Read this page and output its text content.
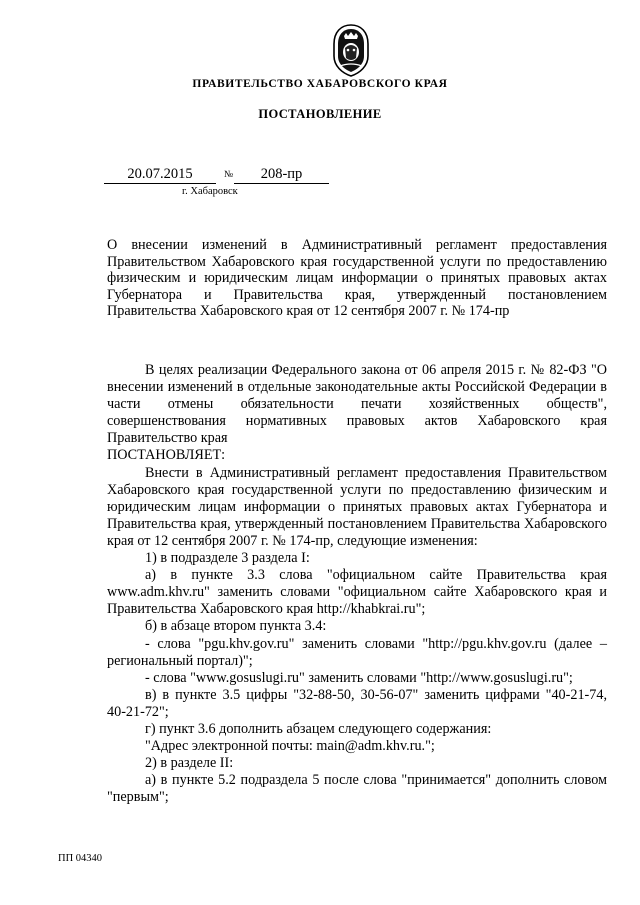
ПРАВИТЕЛЬСТВО ХАБАРОВСКОГО КРАЯ
ПОСТАНОВЛЕНИЕ
20.07.2015	№	208-пр
г. Хабаровск
О внесении изменений в Административный регламент предоставления Правительством Хабаровского края государственной услуги по предоставлению физическим и юридическим лицам информации о принятых правовых актах Губернатора и Правительства края, утвержденный постановлением Правительства Хабаровского края от 12 сентября 2007 г. № 174-пр

В целях реализации Федерального закона от 06 апреля 2015 г. № 82-ФЗ "О внесении изменений в отдельные законодательные акты Российской Федерации в части отмены обязательности печати хозяйственных обществ", совершенствования нормативных правовых актов Хабаровского края Правительство края

ПОСТАНОВЛЯЕТ:

Внести в Административный регламент предоставления Правительством Хабаровского края государственной услуги по предоставлению физическим и юридическим лицам информации о принятых правовых актах Губернатора и Правительства края, утвержденный постановлением Правительства Хабаровского края от 12 сентября 2007 г. № 174-пр, следующие изменения:

1) в подразделе 3 раздела I:

а) в пункте 3.3 слова "официальном сайте Правительства края www.adm.khv.ru" заменить словами "официальном сайте Хабаровского края и Правительства Хабаровского края http://khabkrai.ru";

б) в абзаце втором пункта 3.4:

- слова "pgu.khv.gov.ru" заменить словами "http://pgu.khv.gov.ru (далее – региональный портал)";

- слова "www.gosuslugi.ru" заменить словами "http://www.gosuslugi.ru";

в) в пункте 3.5 цифры "32-88-50, 30-56-07" заменить цифрами "40-21-74, 40-21-72";

г) пункт 3.6 дополнить абзацем следующего содержания:

"Адрес электронной почты: main@adm.khv.ru.";

2) в разделе II:

а) в пункте 5.2 подраздела 5 после слова "принимается" дополнить словом "первым";

ПП 04340
